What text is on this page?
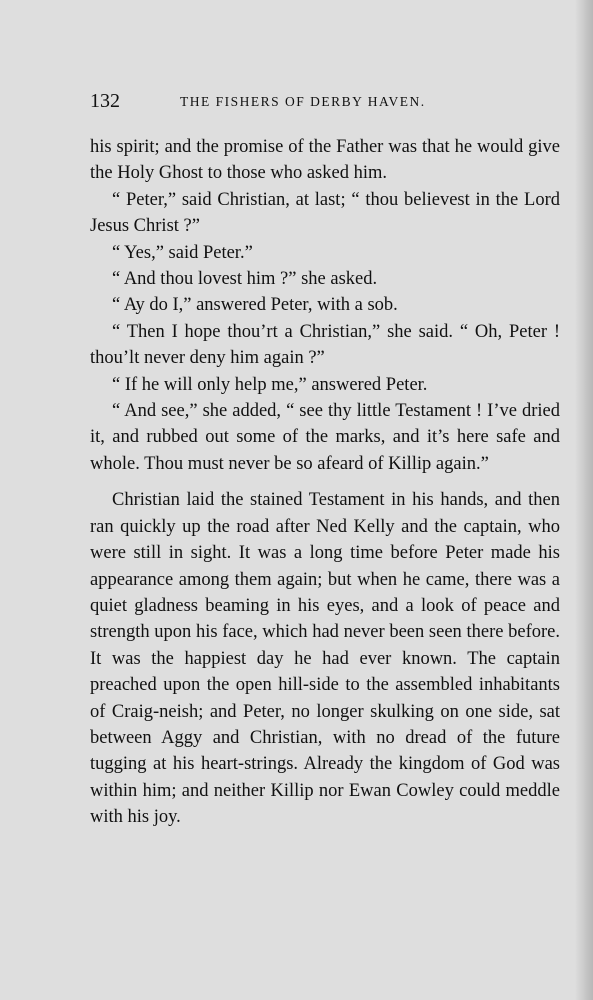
132	THE FISHERS OF DERBY HAVEN.

his spirit; and the promise of the Father was that he would give the Holy Ghost to those who asked him.

“ Peter,” said Christian, at last; “ thou believest in the Lord Jesus Christ ?”

“ Yes,” said Peter.”

“ And thou lovest him ?” she asked.

“ Ay do I,” answered Peter, with a sob.

“ Then I hope thou’rt a Christian,” she said. “ Oh, Peter ! thou’lt never deny him again ?”

“ If he will only help me,” answered Peter.

“ And see,” she added, “ see thy little Testament ! I’ve dried it, and rubbed out some of the marks, and it’s here safe and whole. Thou must never be so afeard of Killip again.”

Christian laid the stained Testament in his hands, and then ran quickly up the road after Ned Kelly and the captain, who were still in sight. It was a long time before Peter made his appearance among them again; but when he came, there was a quiet gladness beaming in his eyes, and a look of peace and strength upon his face, which had never been seen there before. It was the happiest day he had ever known. The captain preached upon the open hill-side to the assembled inhabitants of Craig-neish; and Peter, no longer skulking on one side, sat between Aggy and Christian, with no dread of the future tugging at his heart-strings. Already the kingdom of God was within him; and neither Killip nor Ewan Cowley could meddle with his joy.
